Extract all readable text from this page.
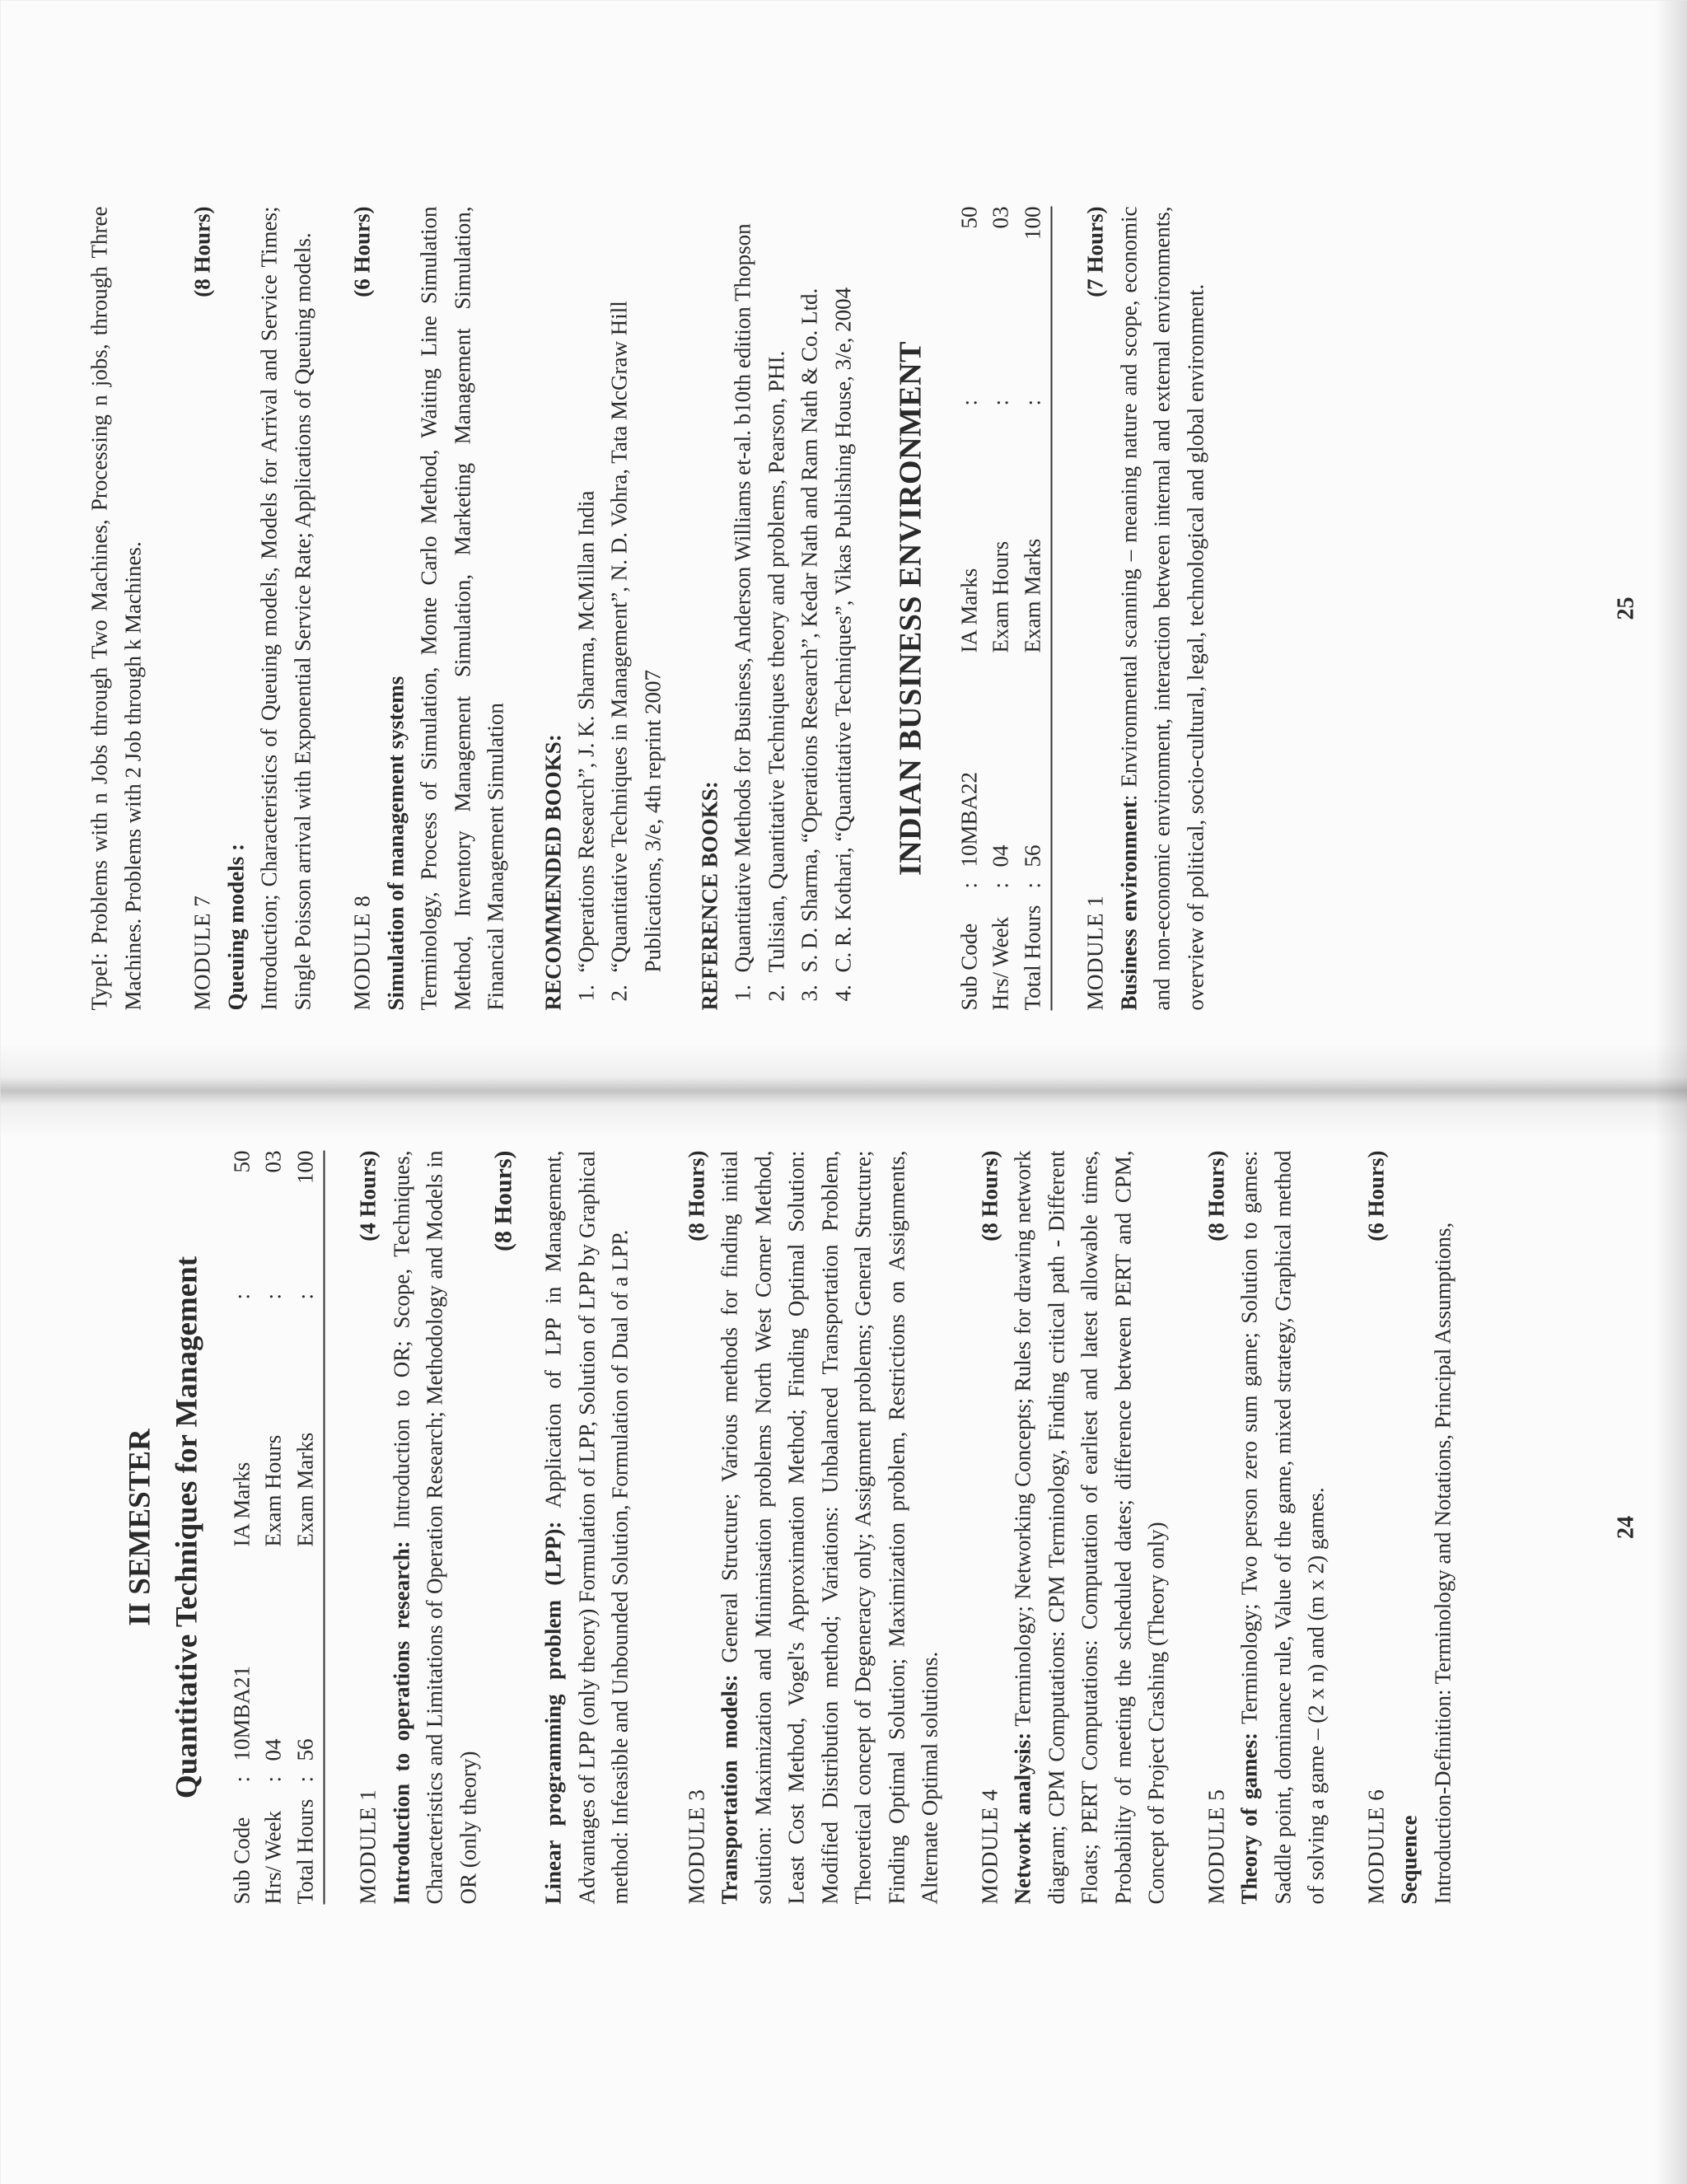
II SEMESTER Quantitative Techniques for Management

Sub Code	:	10MBA21	IA Marks	:	50
Hrs/ Week	:	04	Exam Hours	:	03
Total Hours	:	56	Exam Marks	:	100
MODULE 1
(4 Hours)

Introduction to operations research: Introduction to OR; Scope, Techniques, Characteristics and Limitations of Operation Research; Methodology and Models in OR (only theory)

(8 Hours)

Linear programming problem (LPP): Application of LPP in Management, Advantages of LPP (only theory) Formulation of LPP, Solution of LPP by Graphical method: Infeasible and Unbounded Solution, Formulation of Dual of a LPP. MODULE 3
(8 Hours)

Transportation models: General Structure; Various methods for finding initial solution: Maximization and Minimisation problems North West Corner Method, Least Cost Method, Vogel's Approximation Method; Finding Optimal Solution: Modified Distribution method; Variations: Unbalanced Transportation Problem, Theoretical concept of Degeneracy only; Assignment problems; General Structure; Finding Optimal Solution; Maximization problem, Restrictions on Assignments, Alternate Optimal solutions. MODULE 4
(8 Hours)

Network analysis: Terminology; Networking Concepts; Rules for drawing network diagram; CPM Computations: CPM Terminology, Finding critical path - Different Floats; PERT Computations: Computation of earliest and latest allowable times, Probability of meeting the scheduled dates; difference between PERT and CPM, Concept of Project Crashing (Theory only) MODULE 5
(8 Hours)

Theory of games: Terminology; Two person zero sum game; Solution to games: Saddle point, dominance rule, Value of the game, mixed strategy, Graphical method of solving a game – (2 x n) and (m x 2) games. MODULE 6
(6 Hours)

Sequence Introduction-Definition: Terminology and Notations, Principal Assumptions,	24

TypeI: Problems with n Jobs through Two Machines, Processing n jobs, through Three Machines. Problems with 2 Job through k Machines. MODULE 7
(8 Hours)

Queuing models : Introduction; Characteristics of Queuing models, Models for Arrival and Service Times; Single Poisson arrival with Exponential Service Rate; Applications of Queuing models. MODULE 8
(6 Hours)

Simulation of management systems Terminology, Process of Simulation, Monte Carlo Method, Waiting Line Simulation Method, Inventory Management Simulation, Marketing Management Simulation, Financial Management Simulation RECOMMENDED BOOKS: 1. “Operations Research”, J. K. Sharma, McMillan India 2. “Quantitative Techniques in Management”, N. D. Vohra, Tata McGraw Hill Publications, 3/e, 4th reprint 2007 REFERENCE BOOKS: 1. Quantitative Methods for Business, Anderson Williams et-al. b10th edition Thopson 2. Tulisian, Quantitative Techniques theory and problems, Pearson, PHI. 3. S. D. Sharma, “Operations Research”, Kedar Nath and Ram Nath & Co. Ltd. 4. C. R. Kothari, “Quantitative Techniques”, Vikas Publishing House, 3/e, 2004 INDIAN BUSINESS ENVIRONMENT

Sub Code	:	10MBA22	IA Marks	:	50
Hrs/ Week	:	04	Exam Hours	:	03
Total Hours	:	56	Exam Marks	:	100
MODULE 1
(7 Hours)

Business environment: Environmental scanning – meaning nature and scope, economic and non-economic environment, interaction between internal and external environments, overview of political, socio-cultural, legal, technological and global environment.	25
